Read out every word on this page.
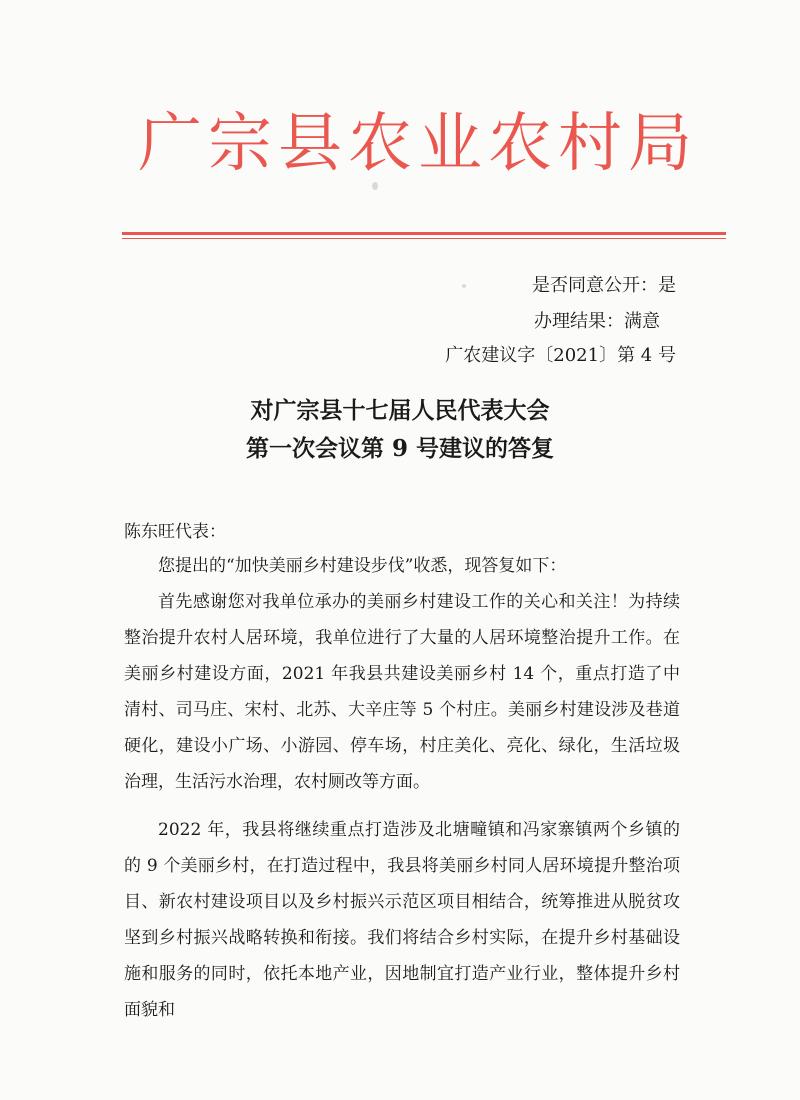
广宗县农业农村局
是否同意公开：是
办理结果：满意
广农建议字〔2021〕第 4 号
对广宗县十七届人民代表大会
第一次会议第 9 号建议的答复
陈东旺代表：

您提出的“加快美丽乡村建设步伐”收悉，现答复如下：

首先感谢您对我单位承办的美丽乡村建设工作的关心和关注！为持续整治提升农村人居环境，我单位进行了大量的人居环境整治提升工作。在美丽乡村建设方面，2021 年我县共建设美丽乡村 14 个，重点打造了中清村、司马庄、宋村、北苏、大辛庄等 5 个村庄。美丽乡村建设涉及巷道硬化，建设小广场、小游园、停车场，村庄美化、亮化、绿化，生活垃圾治理，生活污水治理，农村厕改等方面。

2022 年，我县将继续重点打造涉及北塘疃镇和冯家寨镇两个乡镇的的 9 个美丽乡村，在打造过程中，我县将美丽乡村同人居环境提升整治项目、新农村建设项目以及乡村振兴示范区项目相结合，统筹推进从脱贫攻坚到乡村振兴战略转换和衔接。我们将结合乡村实际，在提升乡村基础设施和服务的同时，依托本地产业，因地制宜打造产业行业，整体提升乡村面貌和
